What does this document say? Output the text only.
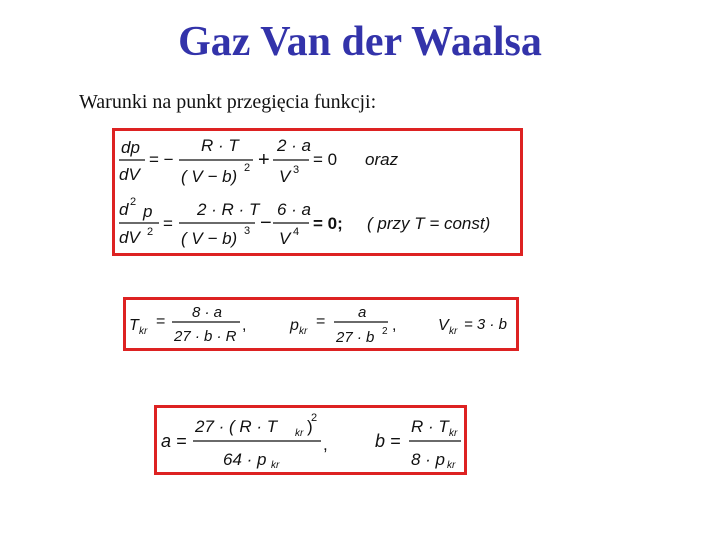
Gaz Van der Waalsa
Warunki na punkt przegięcia funkcji:
dp
dV
= −
R · T
( V − b) 2 +
2 · a
V 3
= 0 oraz
d 2 p
dV 2 =
2 · R · T
( V − b) 3 −
6 · a
V 4 = 0; ( przy T = const)
T kr
=
8 · a
27 · b · R
,	p kr
=
a
27 · b 2 ,	V kr = 3 · b
a =
27 · ( R · T kr )
2
64 · p kr
,	b =
R · T kr
8 · p kr
